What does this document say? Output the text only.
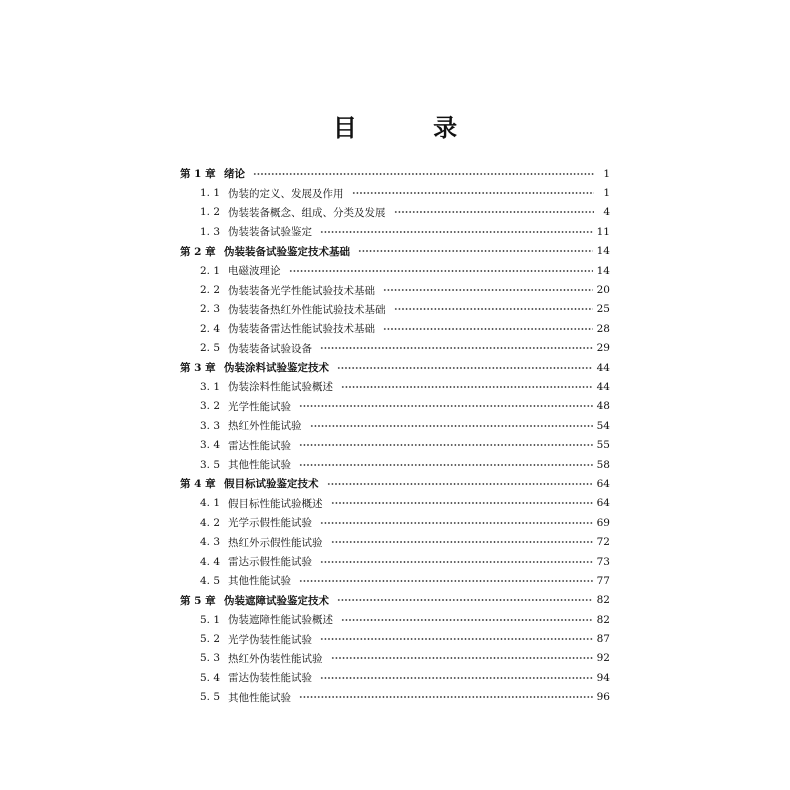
目 录
第 1 章 绪论	1
1. 1 伪装的定义、发展及作用	1
1. 2 伪装装备概念、组成、分类及发展	4
1. 3 伪装装备试验鉴定	11
第 2 章 伪装装备试验鉴定技术基础	14
2. 1 电磁波理论	14
2. 2 伪装装备光学性能试验技术基础	20
2. 3 伪装装备热红外性能试验技术基础	25
2. 4 伪装装备雷达性能试验技术基础	28
2. 5 伪装装备试验设备	29
第 3 章 伪装涂料试验鉴定技术	44
3. 1 伪装涂料性能试验概述	44
3. 2 光学性能试验	48
3. 3 热红外性能试验	54
3. 4 雷达性能试验	55
3. 5 其他性能试验	58
第 4 章 假目标试验鉴定技术	64
4. 1 假目标性能试验概述	64
4. 2 光学示假性能试验	69
4. 3 热红外示假性能试验	72
4. 4 雷达示假性能试验	73
4. 5 其他性能试验	77
第 5 章 伪装遮障试验鉴定技术	82
5. 1 伪装遮障性能试验概述	82
5. 2 光学伪装性能试验	87
5. 3 热红外伪装性能试验	92
5. 4 雷达伪装性能试验	94
5. 5 其他性能试验	96
